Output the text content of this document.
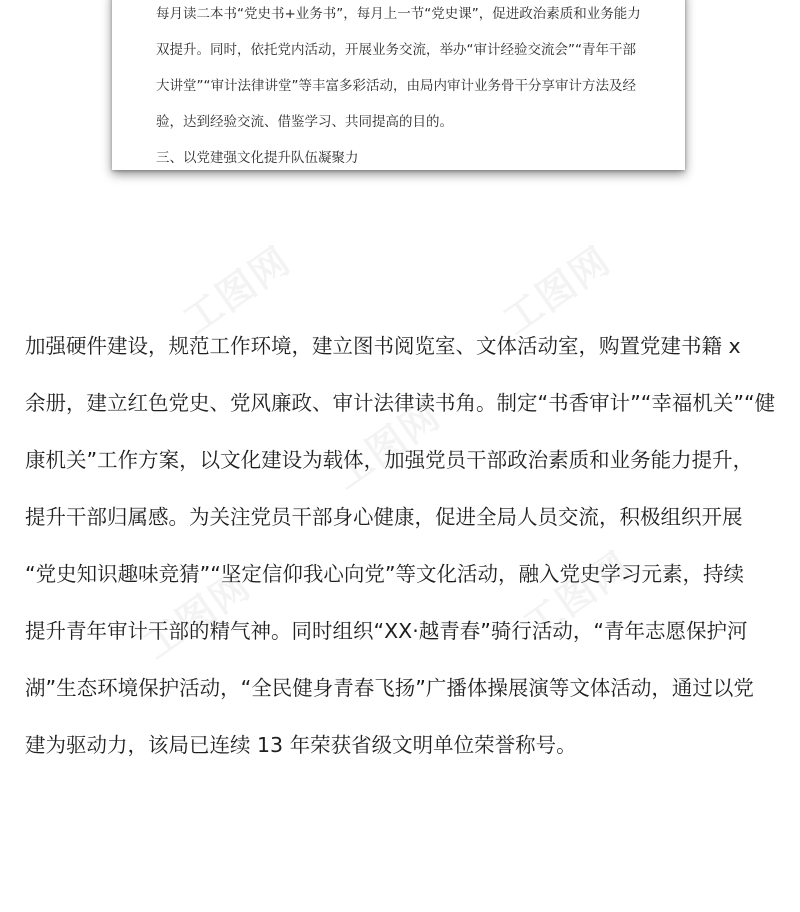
每月读二本书“党史书+业务书”，每月上一节“党史课”，促进政治素质和业务能力
双提升。同时，依托党内活动，开展业务交流，举办“审计经验交流会”“青年干部
大讲堂”“审计法律讲堂”等丰富多彩活动，由局内审计业务骨干分享审计方法及经
验，达到经验交流、借鉴学习、共同提高的目的。
三、以党建强文化提升队伍凝聚力
工图网	工图网
工图网
工图网	工图网
加强硬件建设，规范工作环境，建立图书阅览室、文体活动室，购置党建书籍 x
余册，建立红色党史、党风廉政、审计法律读书角。制定“书香审计”“幸福机关”“健
康机关”工作方案，以文化建设为载体，加强党员干部政治素质和业务能力提升，
提升干部归属感。为关注党员干部身心健康，促进全局人员交流，积极组织开展
“党史知识趣味竞猜”“坚定信仰我心向党”等文化活动，融入党史学习元素，持续
提升青年审计干部的精气神。同时组织“XX·越青春”骑行活动，“青年志愿保护河
湖”生态环境保护活动，“全民健身青春飞扬”广播体操展演等文体活动，通过以党
建为驱动力，该局已连续 13 年荣获省级文明单位荣誉称号。
